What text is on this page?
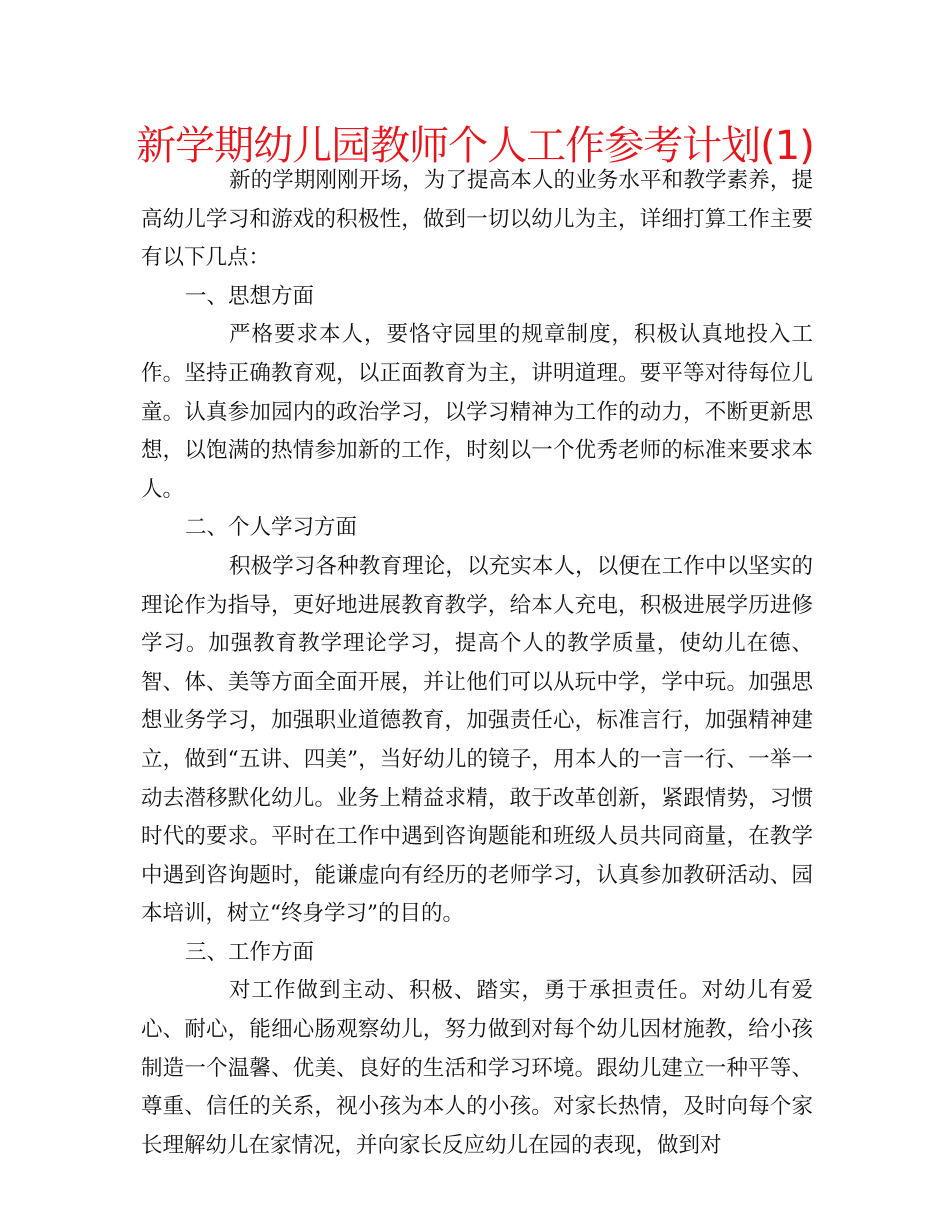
新学期幼儿园教师个人工作参考计划(1)

新的学期刚刚开场，为了提高本人的业务水平和教学素养，提高幼儿学习和游戏的积极性，做到一切以幼儿为主，详细打算工作主要有以下几点：

一、思想方面

严格要求本人，要恪守园里的规章制度，积极认真地投入工作。坚持正确教育观，以正面教育为主，讲明道理。要平等对待每位儿童。认真参加园内的政治学习，以学习精神为工作的动力，不断更新思想，以饱满的热情参加新的工作，时刻以一个优秀老师的标准来要求本人。

二、个人学习方面

积极学习各种教育理论，以充实本人，以便在工作中以坚实的理论作为指导，更好地进展教育教学，给本人充电，积极进展学历进修学习。加强教育教学理论学习，提高个人的教学质量，使幼儿在德、智、体、美等方面全面开展，并让他们可以从玩中学，学中玩。加强思想业务学习，加强职业道德教育，加强责任心，标准言行，加强精神建立，做到“五讲、四美”，当好幼儿的镜子，用本人的一言一行、一举一动去潜移默化幼儿。业务上精益求精，敢于改革创新，紧跟情势，习惯时代的要求。平时在工作中遇到咨询题能和班级人员共同商量，在教学中遇到咨询题时，能谦虚向有经历的老师学习，认真参加教研活动、园本培训，树立“终身学习”的目的。

三、工作方面

对工作做到主动、积极、踏实，勇于承担责任。对幼儿有爱心、耐心，能细心肠观察幼儿，努力做到对每个幼儿因材施教，给小孩制造一个温馨、优美、良好的生活和学习环境。跟幼儿建立一种平等、尊重、信任的关系，视小孩为本人的小孩。对家长热情，及时向每个家长理解幼儿在家情况，并向家长反应幼儿在园的表现，做到对
